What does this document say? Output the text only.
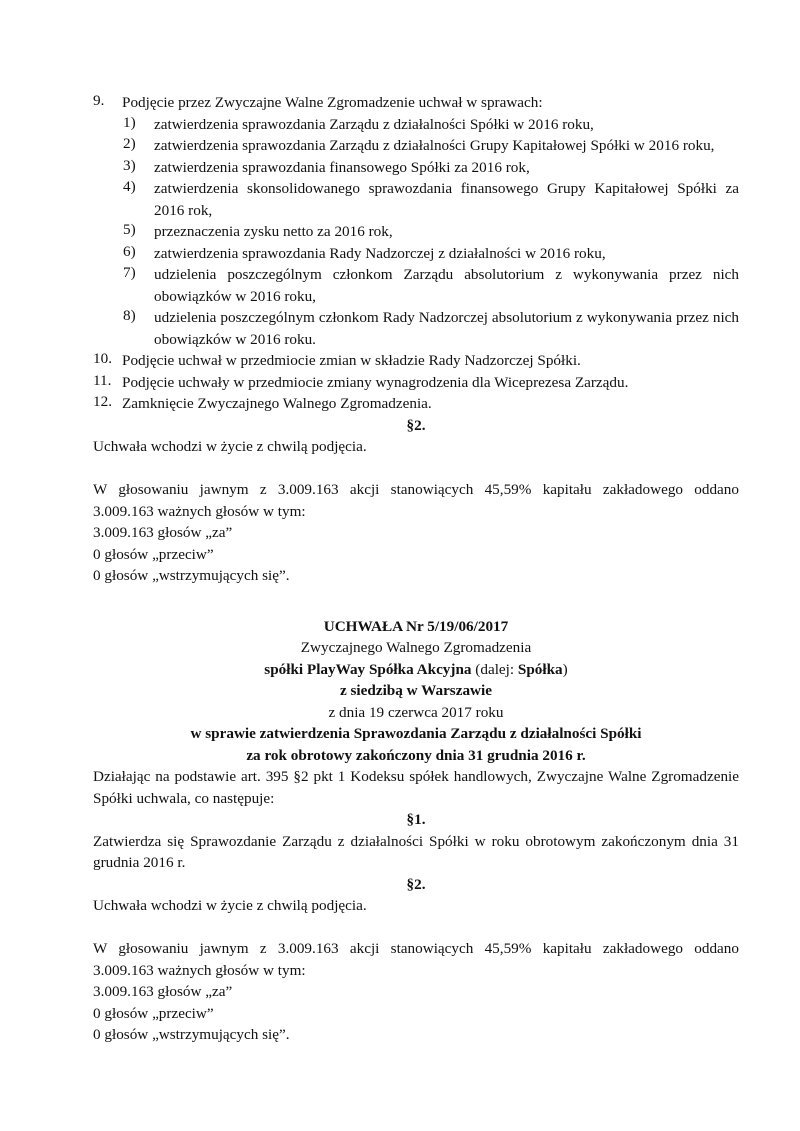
9.	Podjęcie przez Zwyczajne Walne Zgromadzenie uchwał w sprawach:
1)	zatwierdzenia sprawozdania Zarządu z działalności Spółki w 2016 roku,
2)	zatwierdzenia sprawozdania Zarządu z działalności Grupy Kapitałowej Spółki w 2016 roku,
3)	zatwierdzenia sprawozdania finansowego Spółki za 2016 rok,
4)	zatwierdzenia skonsolidowanego sprawozdania finansowego Grupy Kapitałowej Spółki za 2016 rok,
5)	przeznaczenia zysku netto za 2016 rok,
6)	zatwierdzenia sprawozdania Rady Nadzorczej z działalności w 2016 roku,
7)	udzielenia poszczególnym członkom Zarządu absolutorium z wykonywania przez nich obowiązków w 2016 roku,
8)	udzielenia poszczególnym członkom Rady Nadzorczej absolutorium z wykonywania przez nich obowiązków w 2016 roku.
10. Podjęcie uchwał w przedmiocie zmian w składzie Rady Nadzorczej Spółki.
11. Podjęcie uchwały w przedmiocie zmiany wynagrodzenia dla Wiceprezesa Zarządu.
12. Zamknięcie Zwyczajnego Walnego Zgromadzenia.
§2.
Uchwała wchodzi w życie z chwilą podjęcia.
W głosowaniu jawnym z 3.009.163 akcji stanowiących 45,59% kapitału zakładowego oddano
3.009.163 ważnych głosów w tym:
3.009.163 głosów „za”
0 głosów „przeciw”
0 głosów „wstrzymujących się”.
UCHWAŁA Nr 5/19/06/2017
Zwyczajnego Walnego Zgromadzenia
spółki PlayWay Spółka Akcyjna (dalej: Spółka)
z siedzibą w Warszawie
z dnia 19 czerwca 2017 roku
w sprawie zatwierdzenia Sprawozdania Zarządu z działalności Spółki
za rok obrotowy zakończony dnia 31 grudnia 2016 r.
Działając na podstawie art. 395 §2 pkt 1 Kodeksu spółek handlowych, Zwyczajne Walne Zgromadzenie Spółki uchwala, co następuje:
§1.
Zatwierdza się Sprawozdanie Zarządu z działalności Spółki w roku obrotowym zakończonym dnia 31 grudnia 2016 r.
§2.
Uchwała wchodzi w życie z chwilą podjęcia.
W głosowaniu jawnym z 3.009.163 akcji stanowiących 45,59% kapitału zakładowego oddano
3.009.163 ważnych głosów w tym:
3.009.163 głosów „za”
0 głosów „przeciw”
0 głosów „wstrzymujących się”.
